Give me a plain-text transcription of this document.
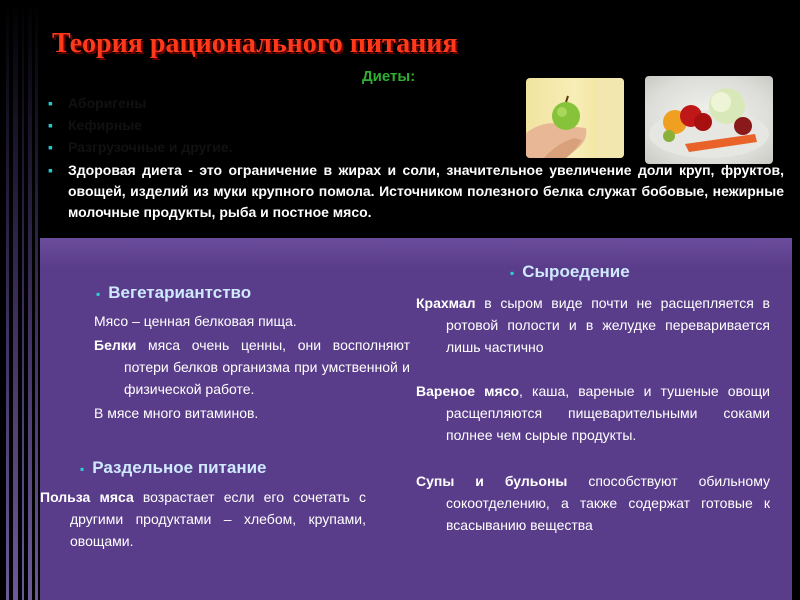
Теория рационального питания
Диеты:
▪ Аборигены
▪ Кефирные
▪ Разгрузочные и другие.
▪ Здоровая диета - это ограничение в жирах и соли, значительное увеличение доли круп, фруктов, овощей, изделий из муки крупного помола. Источником полезного белка служат бобовые, нежирные молочные продукты, рыба и постное мясо.
▪ Вегетариантство
Мясо – ценная белковая пища.
Белки мяса очень ценны, они восполняют потери белков организма при умственной и физической работе.
В мясе много витаминов.
▪ Раздельное питание
Польза мяса возрастает если его сочетать с другими продуктами – хлебом, крупами, овощами.
▪ Сыроедение
Крахмал в сыром виде почти не расщепляется в ротовой полости и в желудке переваривается лишь частично
Вареное мясо, каша, вареные и тушеные овощи расщепляются пищеварительными соками полнее чем сырые продукты.
Супы и бульоны способствуют обильному сокоотделению, а также содержат готовые к всасыванию вещества
